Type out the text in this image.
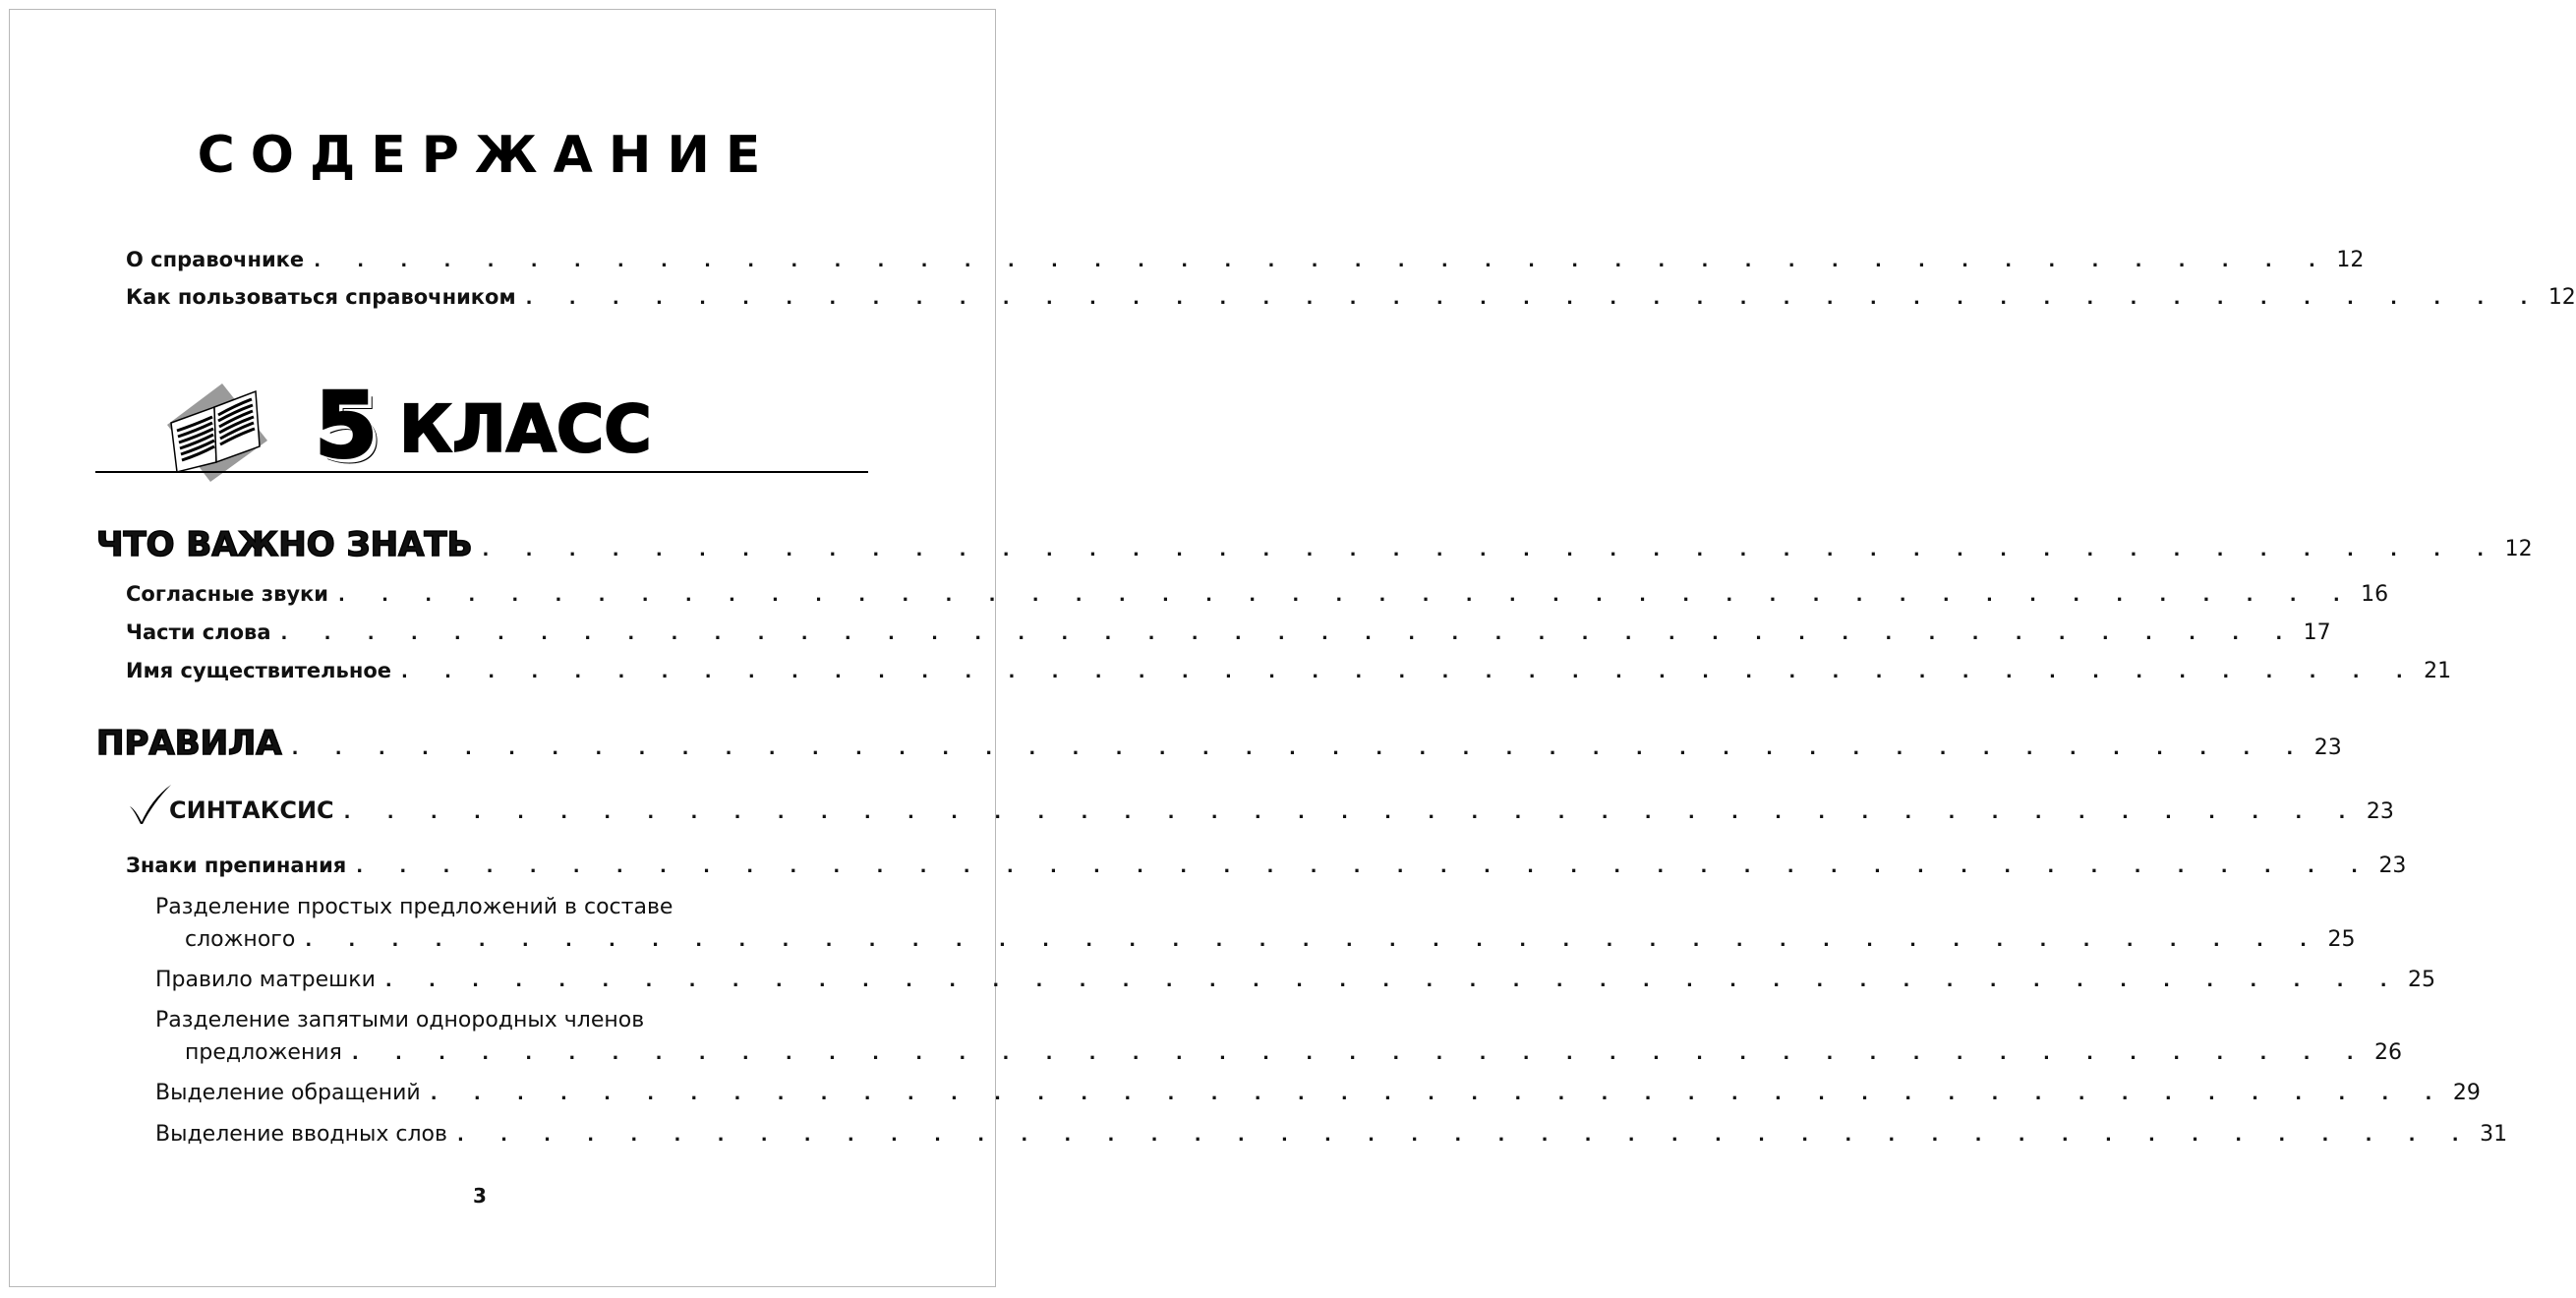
СОДЕРЖАНИЕ
О справочнике . . . . . . . . . . . . . . . . . . . . . . . . . . . . . . . . . . . . . . . . . . . . . . . 12
Как пользоваться справочником . . . . . . . . . . . . . . . . . . . . . . . . . . . . . . . . . . . . . . . . . . . . . . . 12
5 КЛАСС
ЧТО ВАЖНО ЗНАТЬ . . . . . . . . . . . . . . . . . . . . . . . . . . . . . . . . . . . . . . . . . . . . . . . 12
Согласные звуки . . . . . . . . . . . . . . . . . . . . . . . . . . . . . . . . . . . . . . . . . . . . . . . 16
Части слова . . . . . . . . . . . . . . . . . . . . . . . . . . . . . . . . . . . . . . . . . . . . . . . 17
Имя существительное . . . . . . . . . . . . . . . . . . . . . . . . . . . . . . . . . . . . . . . . . . . . . . . 21
ПРАВИЛА . . . . . . . . . . . . . . . . . . . . . . . . . . . . . . . . . . . . . . . . . . . . . . . 23
СИНТАКСИС . . . . . . . . . . . . . . . . . . . . . . . . . . . . . . . . . . . . . . . . . . . . . . . 23
Знаки препинания . . . . . . . . . . . . . . . . . . . . . . . . . . . . . . . . . . . . . . . . . . . . . . . 23
Разделение простых предложений в составе
сложного . . . . . . . . . . . . . . . . . . . . . . . . . . . . . . . . . . . . . . . . . . . . . . . 25
Правило матрешки . . . . . . . . . . . . . . . . . . . . . . . . . . . . . . . . . . . . . . . . . . . . . . . 25
Разделение запятыми однородных членов
предложения . . . . . . . . . . . . . . . . . . . . . . . . . . . . . . . . . . . . . . . . . . . . . . . 26
Выделение обращений . . . . . . . . . . . . . . . . . . . . . . . . . . . . . . . . . . . . . . . . . . . . . . . 29
Выделение вводных слов . . . . . . . . . . . . . . . . . . . . . . . . . . . . . . . . . . . . . . . . . . . . . . . 31
3
